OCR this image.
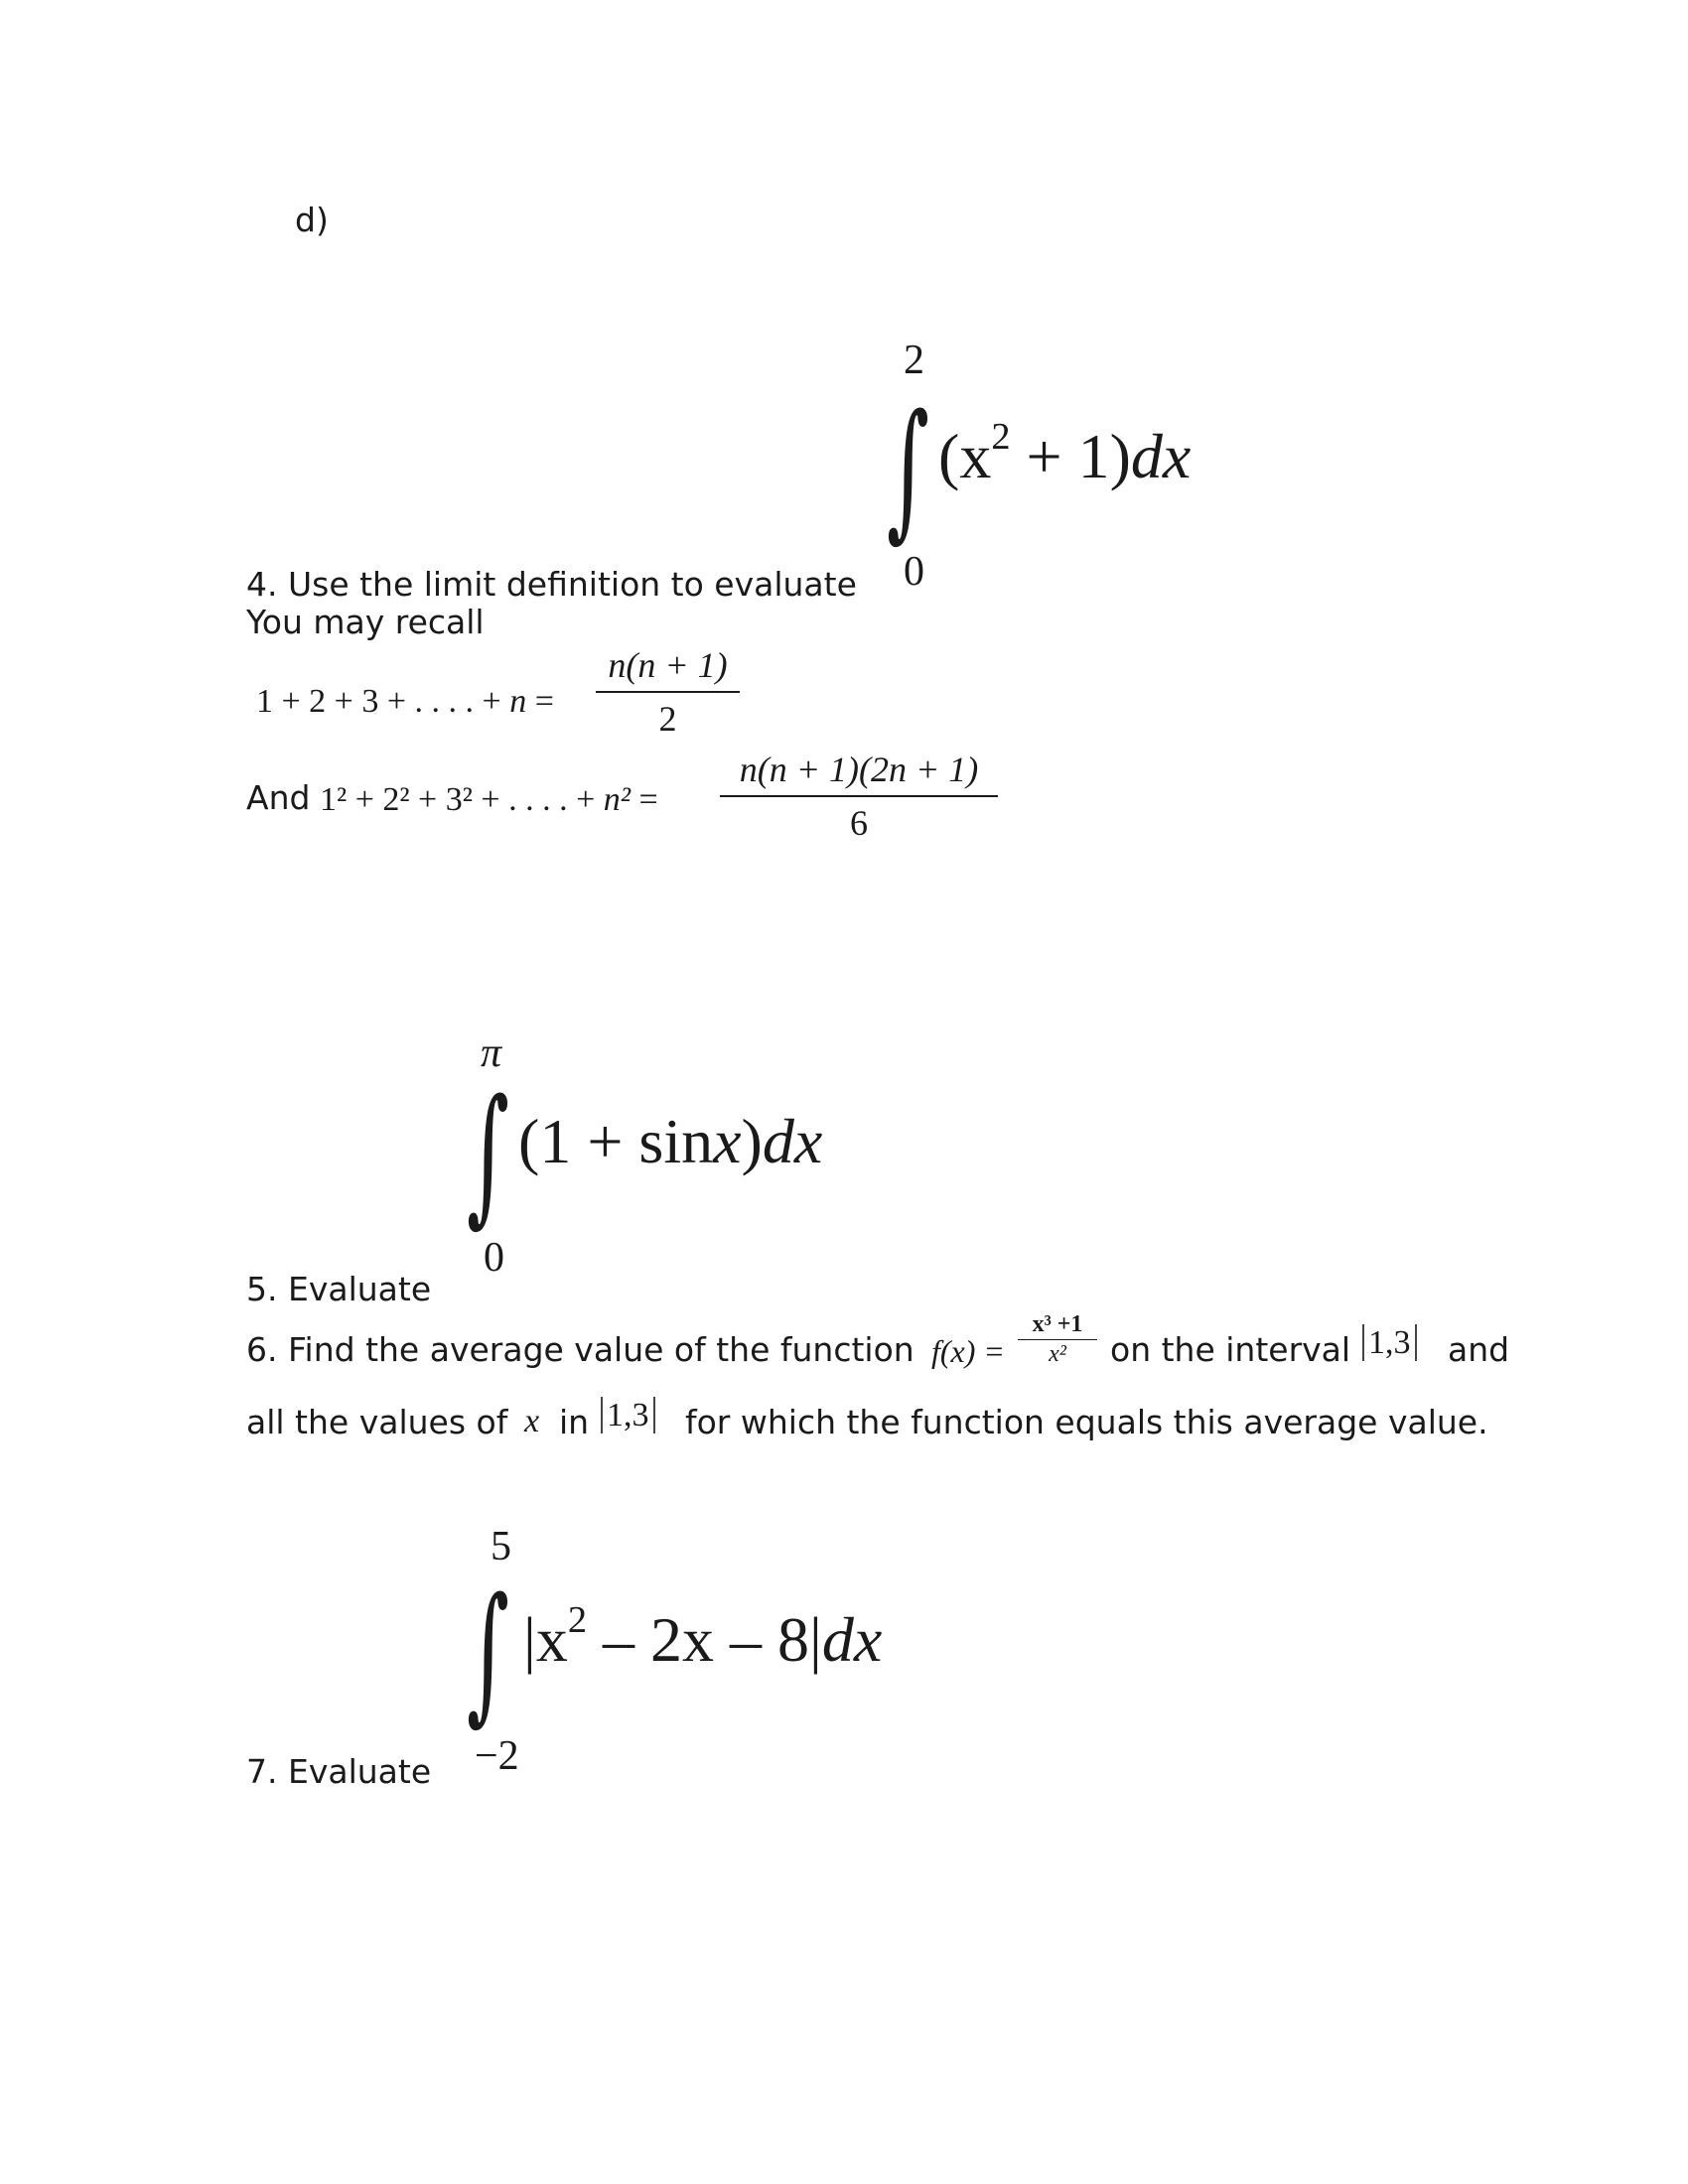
d)
2
∫ $(x^2 + 1)dx$
0
4. Use the limit definition to evaluate
You may recall
1 + 2 + 3 + . . . . + n =
n(n + 1)
2
And 1² + 2² + 3² + . . . . + n² =
n(n + 1)(2n + 1)
6
π
∫ (1 + sinx)dx
0
5. Evaluate
6. Find the average value of the function f(x) =
x³ +1
x²	on the interval 1,3 and
all the values of x in 1,3 for which the function equals this average value.
5
∫ $|x^2 - 2x - 8|dx$
−2
7. Evaluate
